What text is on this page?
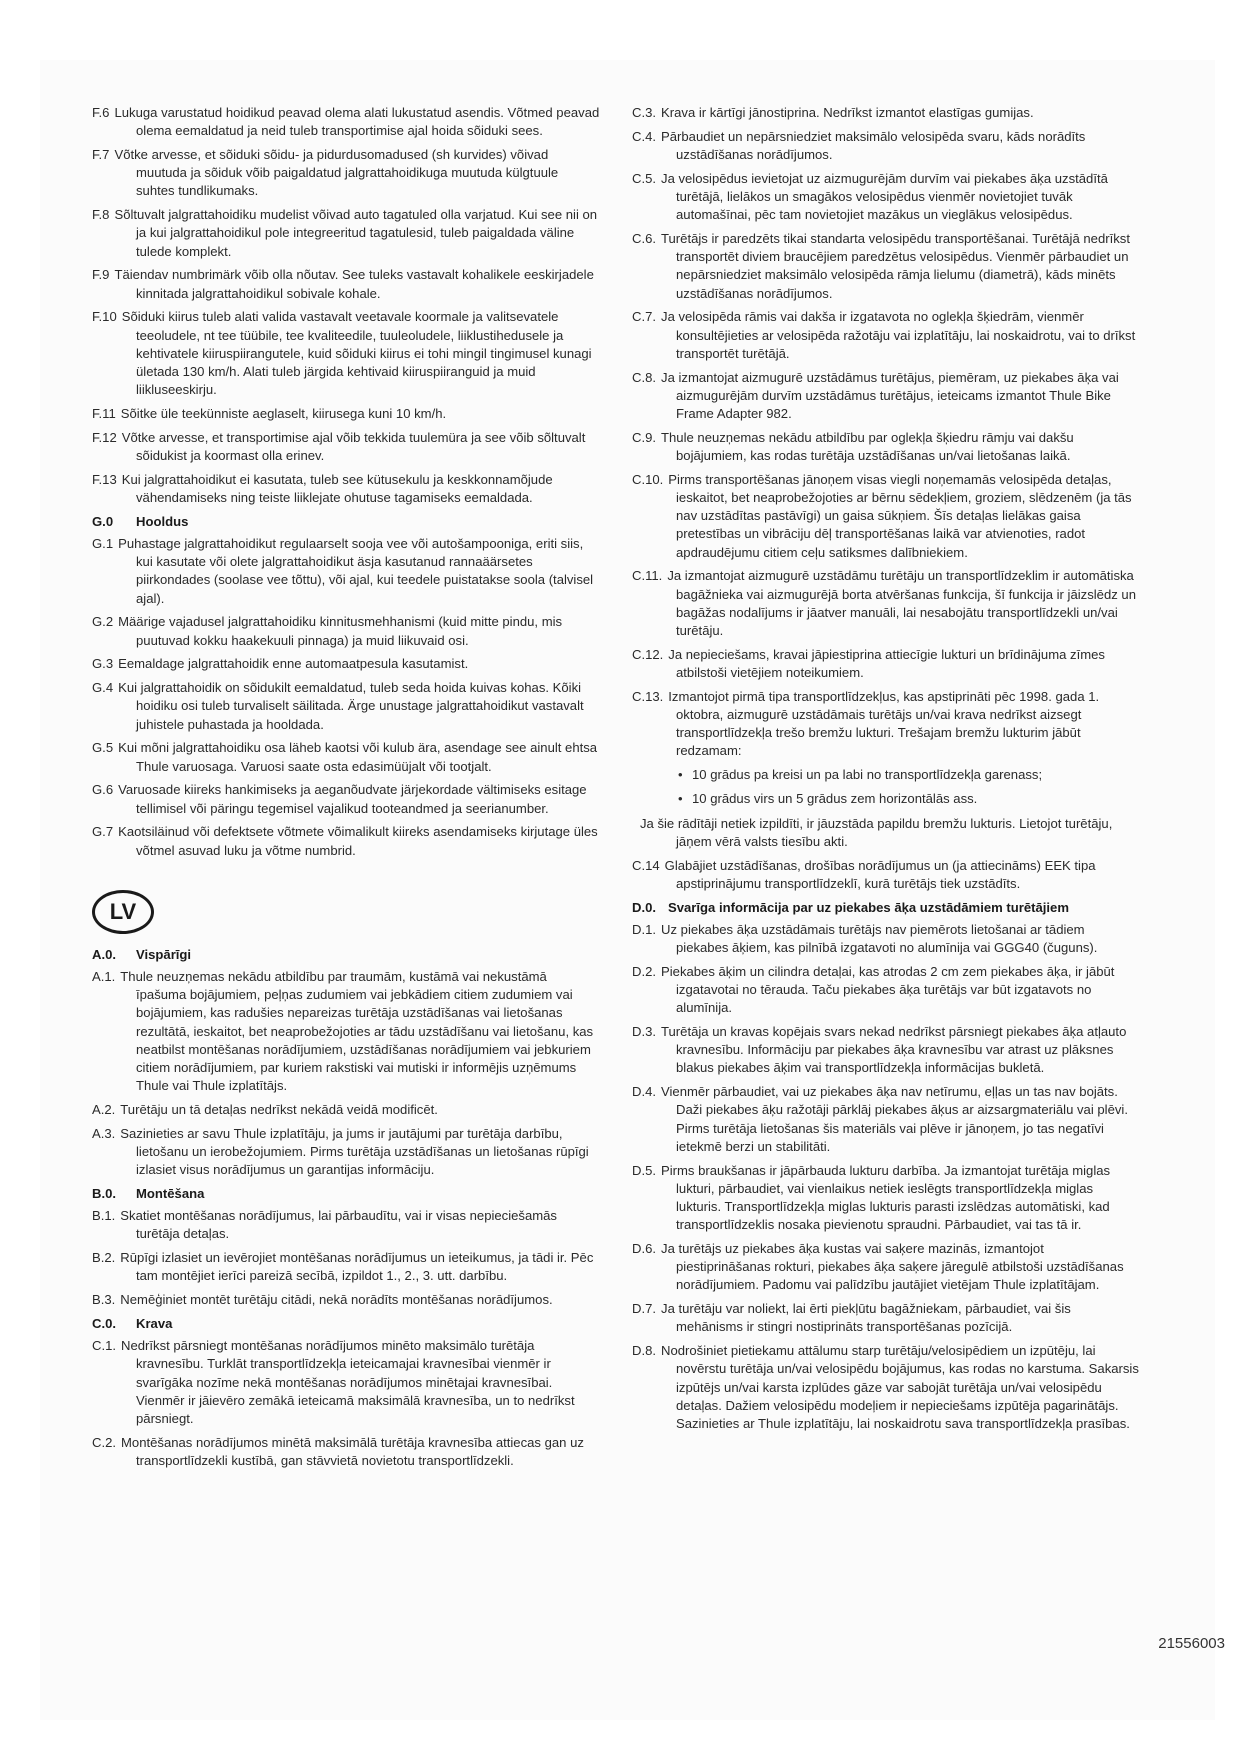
F.6 Lukuga varustatud hoidikud peavad olema alati lukustatud asendis. Võtmed peavad olema eemaldatud ja neid tuleb transportimise ajal hoida sõiduki sees.
F.7 Võtke arvesse, et sõiduki sõidu- ja pidurdusomadused (sh kurvides) võivad muutuda ja sõiduk võib paigaldatud jalgrattahoidikuga muutuda külgtuule suhtes tundlikumaks.
F.8 Sõltuvalt jalgrattahoidiku mudelist võivad auto tagatuled olla varjatud. Kui see nii on ja kui jalgrattahoidikul pole integreeritud tagatulesid, tuleb paigaldada väline tulede komplekt.
F.9 Täiendav numbrimärk võib olla nõutav. See tuleks vastavalt kohalikele eeskirjadele kinnitada jalgrattahoidikul sobivale kohale.
F.10 Sõiduki kiirus tuleb alati valida vastavalt veetavale koormale ja valitsevatele teeoludele, nt tee tüübile, tee kvaliteedile, tuuleoludele, liiklustihedusele ja kehtivatele kiiruspiirangutele, kuid sõiduki kiirus ei tohi mingil tingimusel kunagi ületada 130 km/h. Alati tuleb järgida kehtivaid kiiruspiiranguid ja muid liikluseeskirju.
F.11 Sõitke üle teekünniste aeglaselt, kiirusega kuni 10 km/h.
F.12 Võtke arvesse, et transportimise ajal võib tekkida tuulemüra ja see võib sõltuvalt sõidukist ja koormast olla erinev.
F.13 Kui jalgrattahoidikut ei kasutata, tuleb see kütusekulu ja keskkonnamõjude vähendamiseks ning teiste liiklejate ohutuse tagamiseks eemaldada.
G.0 Hooldus
G.1 Puhastage jalgrattahoidikut regulaarselt sooja vee või autošampooniga, eriti siis, kui kasutate või olete jalgrattahoidikut äsja kasutanud rannaäärsetes piirkondades (soolase vee tõttu), või ajal, kui teedele puistatakse soola (talvisel ajal).
G.2 Määrige vajadusel jalgrattahoidiku kinnitusmehhanismi (kuid mitte pindu, mis puutuvad kokku haakekuuli pinnaga) ja muid liikuvaid osi.
G.3 Eemaldage jalgrattahoidik enne automaatpesula kasutamist.
G.4 Kui jalgrattahoidik on sõidukilt eemaldatud, tuleb seda hoida kuivas kohas. Kõiki hoidiku osi tuleb turvaliselt säilitada. Ärge unustage jalgrattahoidikut vastavalt juhistele puhastada ja hooldada.
G.5 Kui mõni jalgrattahoidiku osa läheb kaotsi või kulub ära, asendage see ainult ehtsa Thule varuosaga. Varuosi saate osta edasimüüjalt või tootjalt.
G.6 Varuosade kiireks hankimiseks ja aeganõudvate järjekordade vältimiseks esitage tellimisel või päringu tegemisel vajalikud tooteandmed ja seerianumber.
G.7 Kaotsiläinud või defektsete võtmete võimalikult kiireks asendamiseks kirjutage üles võtmel asuvad luku ja võtme numbrid.
LV
A.0. Vispārīgi
A.1. Thule neuzņemas nekādu atbildību par traumām, kustāmā vai nekustāmā īpašuma bojājumiem, peļņas zudumiem vai jebkādiem citiem zudumiem vai bojājumiem, kas radušies nepareizas turētāja uzstādīšanas vai lietošanas rezultātā, ieskaitot, bet neaprobežojoties ar tādu uzstādīšanu vai lietošanu, kas neatbilst montēšanas norādījumiem, uzstādīšanas norādījumiem vai jebkuriem citiem norādījumiem, par kuriem rakstiski vai mutiski ir informējis uzņēmums Thule vai Thule izplatītājs.
A.2. Turētāju un tā detaļas nedrīkst nekādā veidā modificēt.
A.3. Sazinieties ar savu Thule izplatītāju, ja jums ir jautājumi par turētāja darbību, lietošanu un ierobežojumiem. Pirms turētāja uzstādīšanas un lietošanas rūpīgi izlasiet visus norādījumus un garantijas informāciju.
B.0. Montēšana
B.1. Skatiet montēšanas norādījumus, lai pārbaudītu, vai ir visas nepieciešamās turētāja detaļas.
B.2. Rūpīgi izlasiet un ievērojiet montēšanas norādījumus un ieteikumus, ja tādi ir. Pēc tam montējiet ierīci pareizā secībā, izpildot 1., 2., 3. utt. darbību.
B.3. Nemēģiniet montēt turētāju citādi, nekā norādīts montēšanas norādījumos.
C.0. Krava
C.1. Nedrīkst pārsniegt montēšanas norādījumos minēto maksimālo turētāja kravnesību. Turklāt transportlīdzekļa ieteicamajai kravnesībai vienmēr ir svarīgāka nozīme nekā montēšanas norādījumos minētajai kravnesībai. Vienmēr ir jāievēro zemākā ieteicamā maksimālā kravnesība, un to nedrīkst pārsniegt.
C.2. Montēšanas norādījumos minētā maksimālā turētāja kravnesība attiecas gan uz transportlīdzekli kustībā, gan stāvvietā novietotu transportlīdzekli.
C.3. Krava ir kārtīgi jānostiprina. Nedrīkst izmantot elastīgas gumijas.
C.4. Pārbaudiet un nepārsniedziet maksimālo velosipēda svaru, kāds norādīts uzstādīšanas norādījumos.
C.5. Ja velosipēdus ievietojat uz aizmugurējām durvīm vai piekabes āķa uzstādītā turētājā, lielākos un smagākos velosipēdus vienmēr novietojiet tuvāk automašīnai, pēc tam novietojiet mazākus un vieglākus velosipēdus.
C.6. Turētājs ir paredzēts tikai standarta velosipēdu transportēšanai. Turētājā nedrīkst transportēt diviem braucējiem paredzētus velosipēdus. Vienmēr pārbaudiet un nepārsniedziet maksimālo velosipēda rāmja lielumu (diametrā), kāds minēts uzstādīšanas norādījumos.
C.7. Ja velosipēda rāmis vai dakša ir izgatavota no oglekļa šķiedrām, vienmēr konsultējieties ar velosipēda ražotāju vai izplatītāju, lai noskaidrotu, vai to drīkst transportēt turētājā.
C.8. Ja izmantojat aizmugurē uzstādāmus turētājus, piemēram, uz piekabes āķa vai aizmugurējām durvīm uzstādāmus turētājus, ieteicams izmantot Thule Bike Frame Adapter 982.
C.9. Thule neuzņemas nekādu atbildību par oglekļa šķiedru rāmju vai dakšu bojājumiem, kas rodas turētāja uzstādīšanas un/vai lietošanas laikā.
C.10. Pirms transportēšanas jānoņem visas viegli noņemamās velosipēda detaļas, ieskaitot, bet neaprobežojoties ar bērnu sēdekļiem, groziem, slēdzenēm (ja tās nav uzstādītas pastāvīgi) un gaisa sūkņiem. Šīs detaļas lielākas gaisa pretestības un vibrāciju dēļ transportēšanas laikā var atvienoties, radot apdraudējumu citiem ceļu satiksmes dalībniekiem.
C.11. Ja izmantojat aizmugurē uzstādāmu turētāju un transportlīdzeklim ir automātiska bagāžnieka vai aizmugurējā borta atvēršanas funkcija, šī funkcija ir jāizslēdz un bagāžas nodalījums ir jāatver manuāli, lai nesabojātu transportlīdzekli un/vai turētāju.
C.12. Ja nepieciešams, kravai jāpiestiprina attiecīgie lukturi un brīdinājuma zīmes atbilstoši vietējiem noteikumiem.
C.13. Izmantojot pirmā tipa transportlīdzekļus, kas apstiprināti pēc 1998. gada 1. oktobra, aizmugurē uzstādāmais turētājs un/vai krava nedrīkst aizsegt transportlīdzekļa trešo bremžu lukturi. Trešajam bremžu lukturim jābūt redzamam:
• 10 grādus pa kreisi un pa labi no transportlīdzekļa garenass;
• 10 grādus virs un 5 grādus zem horizontālās ass.
Ja šie rādītāji netiek izpildīti, ir jāuzstāda papildu bremžu lukturis. Lietojot turētāju, jāņem vērā valsts tiesību akti.
C.14 Glabājiet uzstādīšanas, drošības norādījumus un (ja attiecināms) EEK tipa apstiprinājumu transportlīdzeklī, kurā turētājs tiek uzstādīts.
D.0. Svarīga informācija par uz piekabes āķa uzstādāmiem turētājiem
D.1. Uz piekabes āķa uzstādāmais turētājs nav piemērots lietošanai ar tādiem piekabes āķiem, kas pilnībā izgatavoti no alumīnija vai GGG40 (čuguns).
D.2. Piekabes āķim un cilindra detaļai, kas atrodas 2 cm zem piekabes āķa, ir jābūt izgatavotai no tērauda. Taču piekabes āķa turētājs var būt izgatavots no alumīnija.
D.3. Turētāja un kravas kopējais svars nekad nedrīkst pārsniegt piekabes āķa atļauto kravnesību. Informāciju par piekabes āķa kravnesību var atrast uz plāksnes blakus piekabes āķim vai transportlīdzekļa informācijas bukletā.
D.4. Vienmēr pārbaudiet, vai uz piekabes āķa nav netīrumu, eļļas un tas nav bojāts. Daži piekabes āķu ražotāji pārklāj piekabes āķus ar aizsargmateriālu vai plēvi. Pirms turētāja lietošanas šis materiāls vai plēve ir jānoņem, jo tas negatīvi ietekmē berzi un stabilitāti.
D.5. Pirms braukšanas ir jāpārbauda lukturu darbība. Ja izmantojat turētāja miglas lukturi, pārbaudiet, vai vienlaikus netiek ieslēgts transportlīdzekļa miglas lukturis. Transportlīdzekļa miglas lukturis parasti izslēdzas automātiski, kad transportlīdzeklis nosaka pievienotu spraudni. Pārbaudiet, vai tas tā ir.
D.6. Ja turētājs uz piekabes āķa kustas vai saķere mazinās, izmantojot piestiprināšanas rokturi, piekabes āķa saķere jāregulē atbilstoši uzstādīšanas norādījumiem. Padomu vai palīdzību jautājiet vietējam Thule izplatītājam.
D.7. Ja turētāju var noliekt, lai ērti piekļūtu bagāžniekam, pārbaudiet, vai šis mehānisms ir stingri nostiprināts transportēšanas pozīcijā.
D.8. Nodrošiniet pietiekamu attālumu starp turētāju/velosipēdiem un izpūtēju, lai novērstu turētāja un/vai velosipēdu bojājumus, kas rodas no karstuma. Sakarsis izpūtējs un/vai karsta izplūdes gāze var sabojāt turētāja un/vai velosipēdu detaļas. Dažiem velosipēdu modeļiem ir nepieciešams izpūtēja pagarinātājs. Sazinieties ar Thule izplatītāju, lai noskaidrotu sava transportlīdzekļa prasības.
21556003
